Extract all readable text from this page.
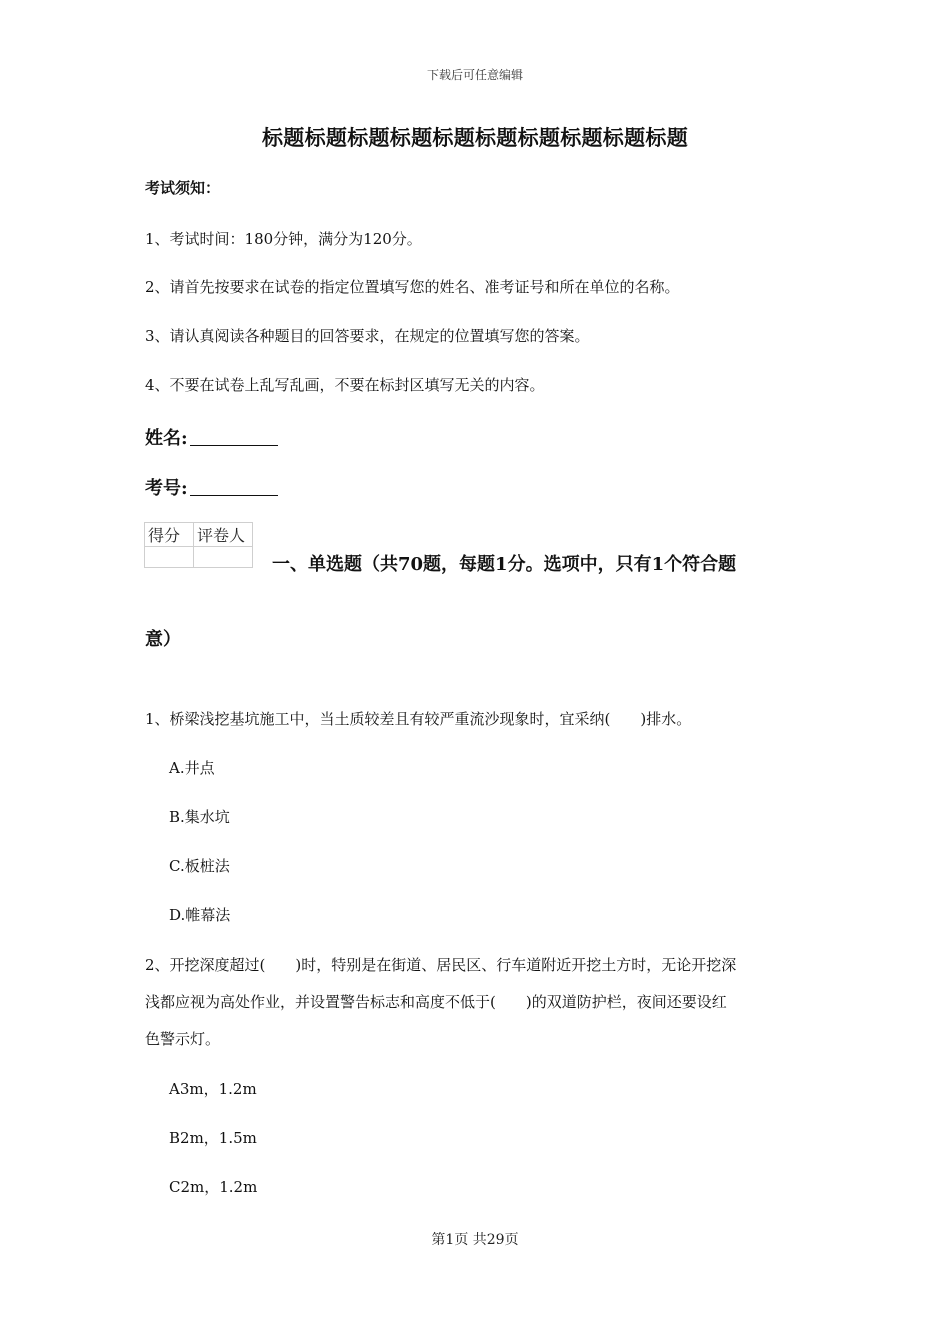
下载后可任意编辑
标题标题标题标题标题标题标题标题标题标题
考试须知：
1、考试时间：180分钟，满分为120分。
2、请首先按要求在试卷的指定位置填写您的姓名、准考证号和所在单位的名称。
3、请认真阅读各种题目的回答要求，在规定的位置填写您的答案。
4、不要在试卷上乱写乱画，不要在标封区填写无关的内容。
姓名:
考号:
得分	评卷人

一、单选题（共70题，每题1分。选项中，只有1个符合题
意）
1、桥梁浅挖基坑施工中，当土质较差且有较严重流沙现象时，宜采纳(　　)排水。
A.井点
B.集水坑
C.板桩法
D.帷幕法
2、开挖深度超过(　　)时，特别是在街道、居民区、行车道附近开挖土方时，无论开挖深
浅都应视为高处作业，并设置警告标志和高度不低于(　　)的双道防护栏，夜间还要设红
色警示灯。
A3m，1.2m
B2m，1.5m
C2m，1.2m
第1页 共29页
